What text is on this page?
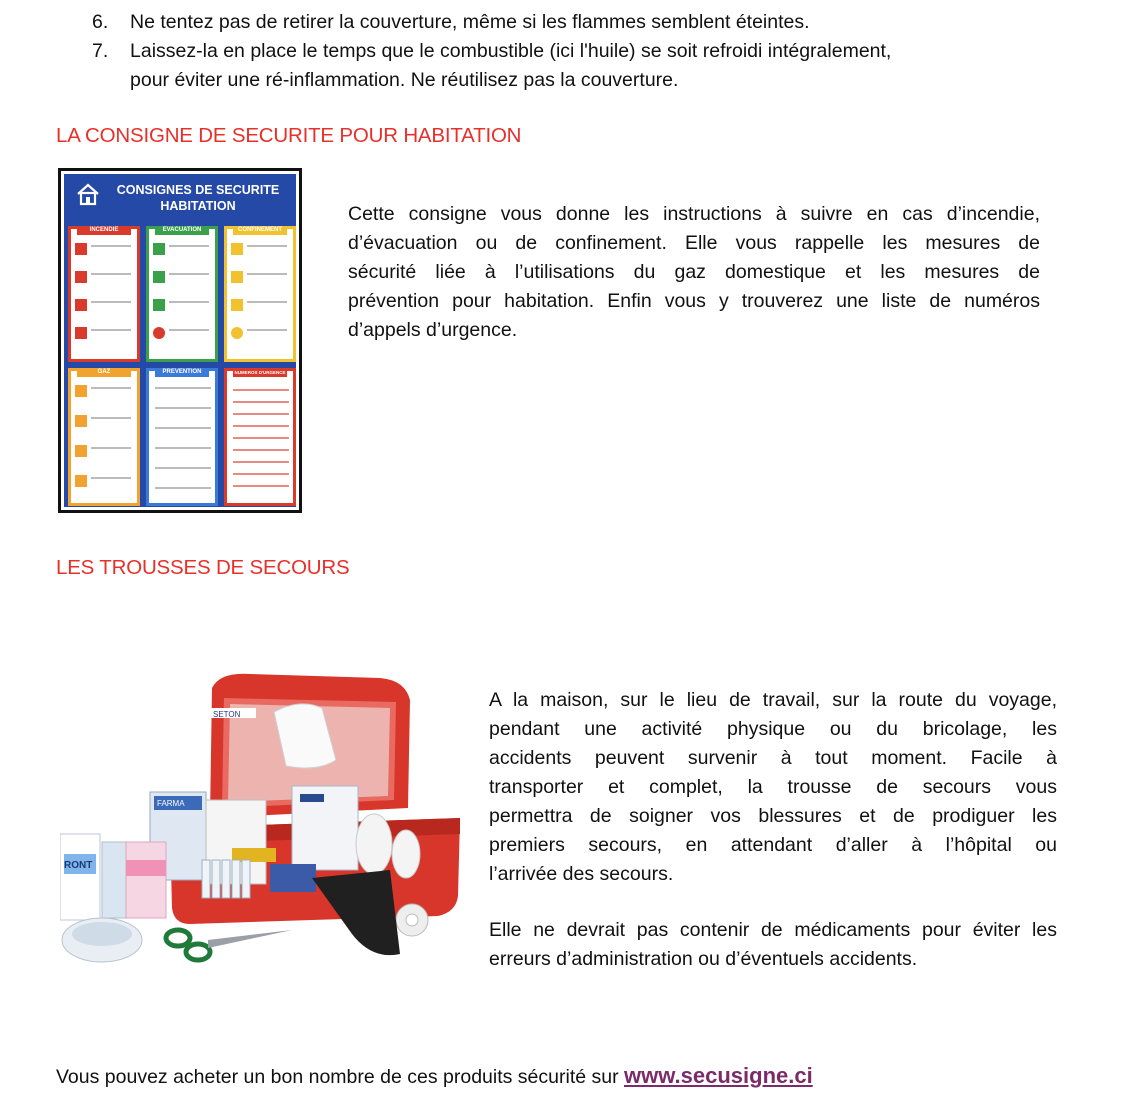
6. Ne tentez pas de retirer la couverture, même si les flammes semblent éteintes.
7. Laissez-la en place le temps que le combustible (ici l'huile) se soit refroidi intégralement,
pour éviter une ré-inflammation. Ne réutilisez pas la couverture.
LA CONSIGNE DE SECURITE POUR HABITATION
CONSIGNES DE SECURITE
HABITATION
INCENDIE	EVACUATION	CONFINEMENT
GAZ	PREVENTION	NUMEROS D'URGENCE
Cette consigne vous donne les instructions à suivre en cas d’incendie,
d’évacuation ou de confinement. Elle vous rappelle les mesures de
sécurité liée à l’utilisations du gaz domestique et les mesures de
prévention pour habitation. Enfin vous y trouverez une liste de numéros
d’appels d’urgence.
LES TROUSSES DE SECOURS
SETON
FARMA
RONT
A la maison, sur le lieu de travail, sur la route du voyage,
pendant une activité physique ou du bricolage, les
accidents peuvent survenir à tout moment. Facile à
transporter et complet, la trousse de secours vous
permettra de soigner vos blessures et de prodiguer les
premiers secours, en attendant d’aller à l’hôpital ou
l’arrivée des secours.
Elle ne devrait pas contenir de médicaments pour éviter les
erreurs d’administration ou d’éventuels accidents.
Vous pouvez acheter un bon nombre de ces produits sécurité sur www.secusigne.ci
